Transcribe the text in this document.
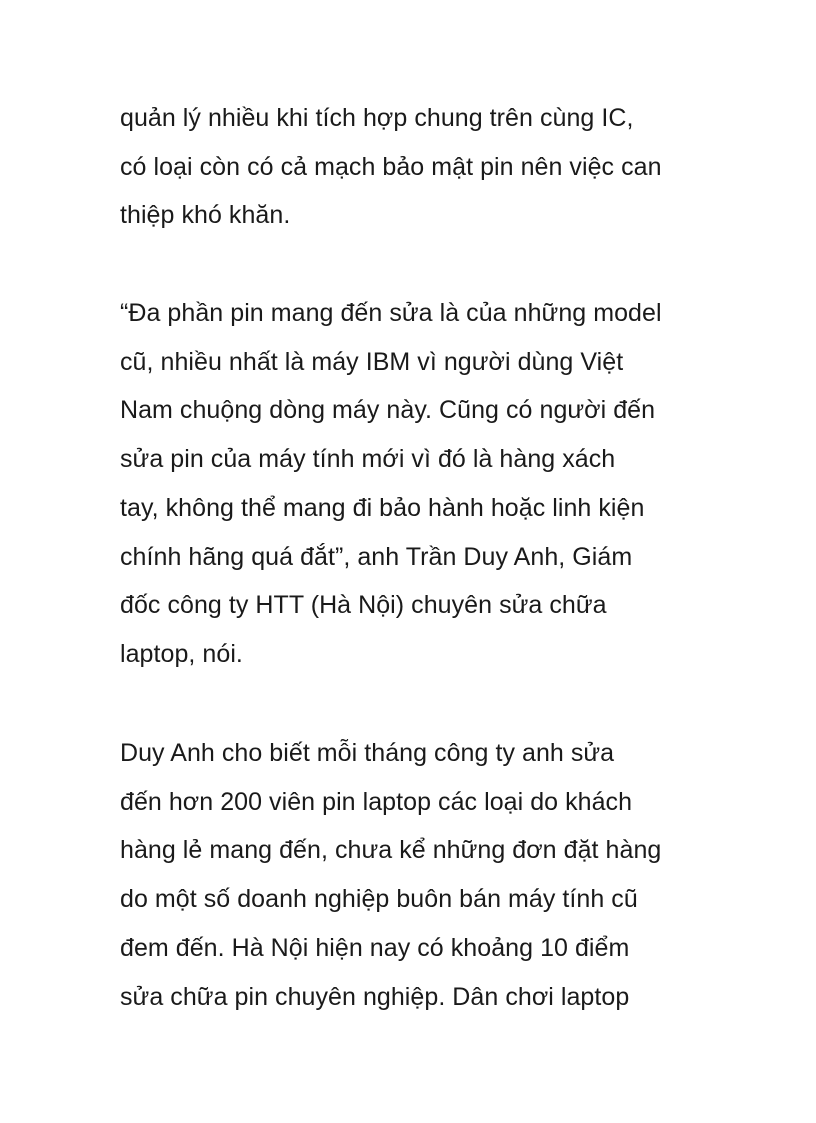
quản lý nhiều khi tích hợp chung trên cùng IC,
có loại còn có cả mạch bảo mật pin nên việc can
thiệp khó khăn.
“Đa phần pin mang đến sửa là của những model
cũ, nhiều nhất là máy IBM vì người dùng Việt
Nam chuộng dòng máy này. Cũng có người đến
sửa pin của máy tính mới vì đó là hàng xách
tay, không thể mang đi bảo hành hoặc linh kiện
chính hãng quá đắt”, anh Trần Duy Anh, Giám
đốc công ty HTT (Hà Nội) chuyên sửa chữa
laptop, nói.
Duy Anh cho biết mỗi tháng công ty anh sửa
đến hơn 200 viên pin laptop các loại do khách
hàng lẻ mang đến, chưa kể những đơn đặt hàng
do một số doanh nghiệp buôn bán máy tính cũ
đem đến. Hà Nội hiện nay có khoảng 10 điểm
sửa chữa pin chuyên nghiệp. Dân chơi laptop
